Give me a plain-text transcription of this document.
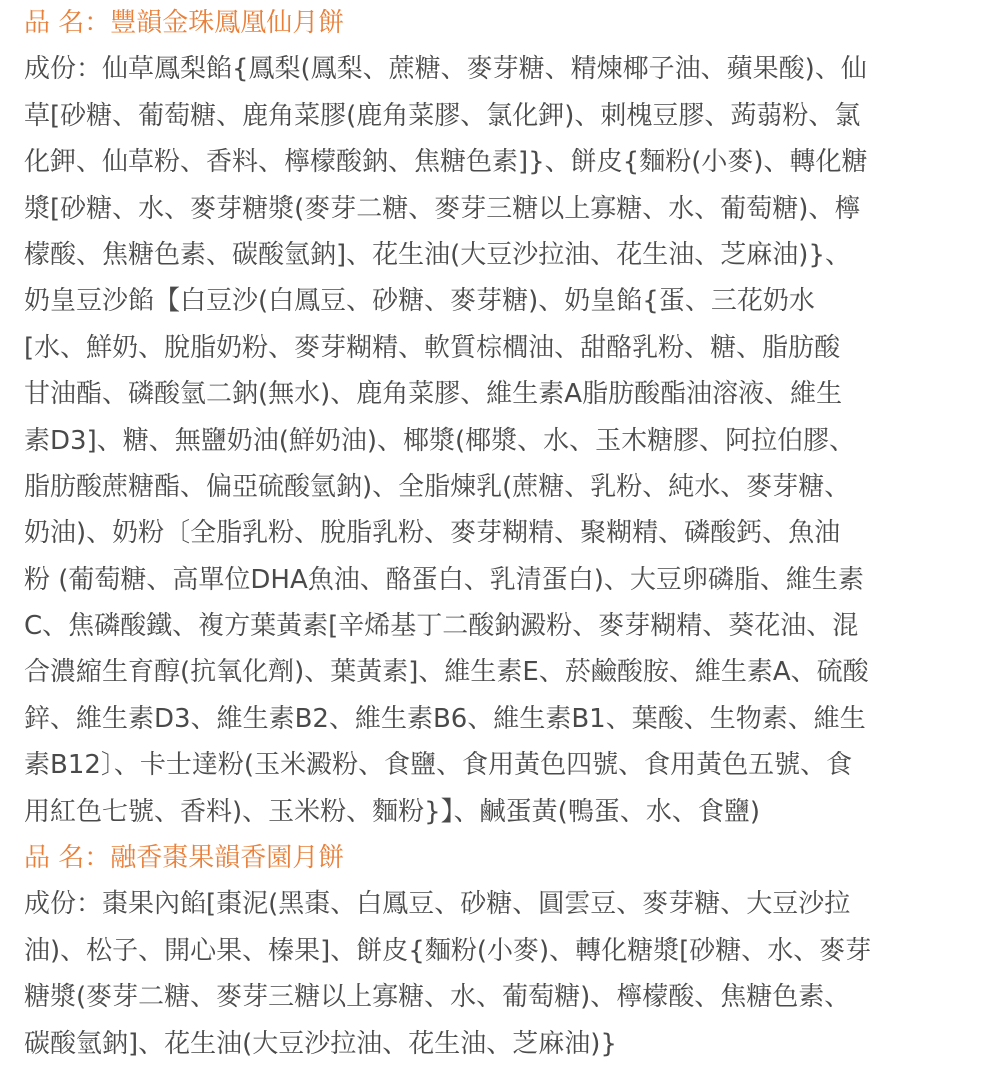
品 名：豐韻金珠鳳凰仙月餅
成份：仙草鳳梨餡{鳳梨(鳳梨、蔗糖、麥芽糖、精煉椰子油、蘋果酸)、仙
草[砂糖、葡萄糖、鹿角菜膠(鹿角菜膠、氯化鉀)、刺槐豆膠、蒟蒻粉、氯
化鉀、仙草粉、香料、檸檬酸鈉、焦糖色素]}、餅皮{麵粉(小麥)、轉化糖
漿[砂糖、水、麥芽糖漿(麥芽二糖、麥芽三糖以上寡糖、水、葡萄糖)、檸
檬酸、焦糖色素、碳酸氫鈉]、花生油(大豆沙拉油、花生油、芝麻油)}、
奶皇豆沙餡【白豆沙(白鳳豆、砂糖、麥芽糖)、奶皇餡{蛋、三花奶水
[水、鮮奶、脫脂奶粉、麥芽糊精、軟質棕櫚油、甜酪乳粉、糖、脂肪酸
甘油酯、磷酸氫二鈉(無水)、鹿角菜膠、維生素A脂肪酸酯油溶液、維生
素D3]、糖、無鹽奶油(鮮奶油)、椰漿(椰漿、水、玉木糖膠、阿拉伯膠、
脂肪酸蔗糖酯、偏亞硫酸氫鈉)、全脂煉乳(蔗糖、乳粉、純水、麥芽糖、
奶油)、奶粉〔全脂乳粉、脫脂乳粉、麥芽糊精、聚糊精、磷酸鈣、魚油
粉 (葡萄糖、高單位DHA魚油、酪蛋白、乳清蛋白)、大豆卵磷脂、維生素
C、焦磷酸鐵、複方葉黃素[辛烯基丁二酸鈉澱粉、麥芽糊精、葵花油、混
合濃縮生育醇(抗氧化劑)、葉黃素]、維生素E、菸鹼酸胺、維生素A、硫酸
鋅、維生素D3、維生素B2、維生素B6、維生素B1、葉酸、生物素、維生
素B12〕、卡士達粉(玉米澱粉、食鹽、食用黃色四號、食用黃色五號、食
用紅色七號、香料)、玉米粉、麵粉}】、鹹蛋黃(鴨蛋、水、食鹽)
品 名：融香棗果韻香園月餅
成份：棗果內餡[棗泥(黑棗、白鳳豆、砂糖、圓雲豆、麥芽糖、大豆沙拉
油)、松子、開心果、榛果]、餅皮{麵粉(小麥)、轉化糖漿[砂糖、水、麥芽
糖漿(麥芽二糖、麥芽三糖以上寡糖、水、葡萄糖)、檸檬酸、焦糖色素、
碳酸氫鈉]、花生油(大豆沙拉油、花生油、芝麻油)}
